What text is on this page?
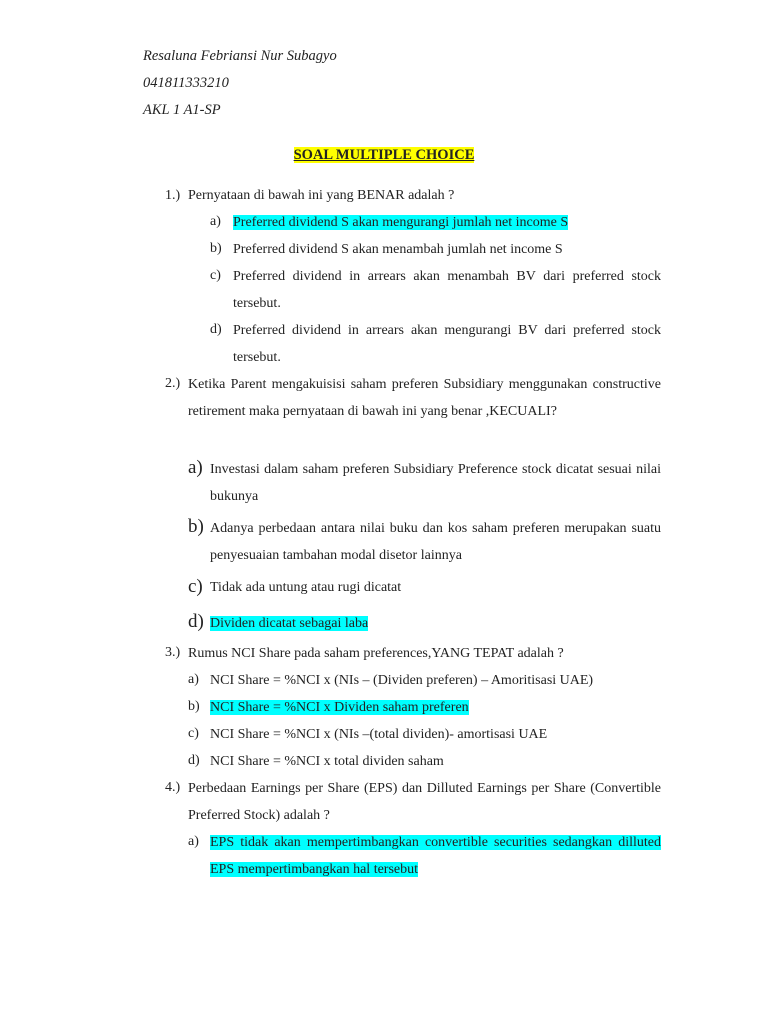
Resaluna Febriansi Nur Subagyo
041811333210
AKL 1 A1-SP
SOAL MULTIPLE CHOICE
1.) Pernyataan di bawah ini yang BENAR adalah ?
a) Preferred dividend S akan mengurangi jumlah net income S
b) Preferred dividend S akan menambah jumlah net income S
c) Preferred dividend in arrears akan menambah BV dari preferred stock tersebut.
d) Preferred dividend in arrears akan mengurangi BV dari preferred stock tersebut.
2.) Ketika Parent mengakuisisi saham preferen Subsidiary menggunakan constructive retirement maka pernyataan di bawah ini yang benar ,KECUALI?
a) Investasi dalam saham preferen Subsidiary Preference stock dicatat sesuai nilai bukunya
b) Adanya perbedaan antara nilai buku dan kos saham preferen merupakan suatu penyesuaian tambahan modal disetor lainnya
c) Tidak ada untung atau rugi dicatat
d) Dividen dicatat sebagai laba
3.) Rumus NCI Share pada saham preferences,YANG TEPAT adalah ?
a) NCI Share = %NCI x (NIs – (Dividen preferen) – Amoritisasi UAE)
b) NCI Share = %NCI x Dividen saham preferen
c) NCI Share = %NCI x (NIs –(total dividen)- amortisasi UAE
d) NCI Share = %NCI x total dividen saham
4.) Perbedaan Earnings per Share (EPS) dan Dilluted Earnings per Share (Convertible Preferred Stock) adalah ?
a) EPS tidak akan mempertimbangkan convertible securities sedangkan dilluted EPS mempertimbangkan hal tersebut
